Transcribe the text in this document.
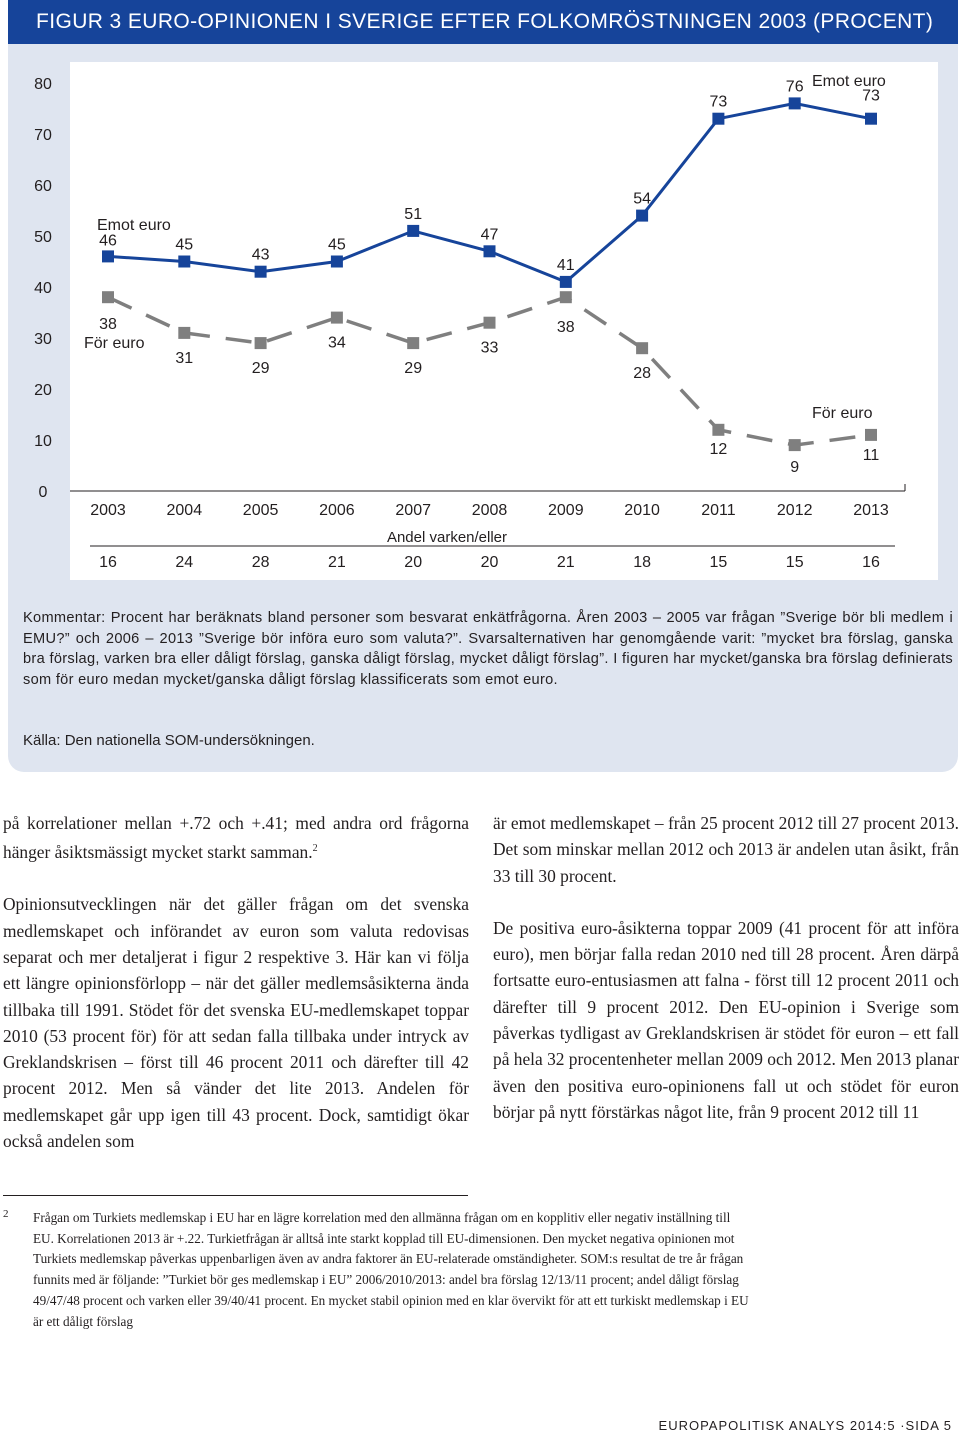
FIGUR 3 EURO-OPINIONEN I SVERIGE EFTER FOLKOMRÖSTNINGEN 2003 (PROCENT)
0
10
20
30
40
50
60
70
80
2003	2004	2005	2006	2007	2008	2009	2010	2011	2012	2013
46	45
43
45
51
47
41
54
73
76
73
38
31
29
34
29
33
38
28
12
9
11
Emot euro
För euro
Emot euro
För euro
Andel varken/eller
16	24	28	21	20	20	21	18	15	15	16
Kommentar: Procent har beräknats bland personer som besvarat enkätfrågorna. Åren 2003 – 2005 var frågan ”Sverige bör bli medlem i EMU?” och 2006 – 2013 ”Sverige bör införa euro som valuta?”. Svarsalternativen har genomgående varit: ”mycket bra förslag, ganska bra förslag, varken bra eller dåligt förslag, ganska dåligt förslag, mycket dåligt förslag”. I figuren har mycket/ganska bra förslag definierats som för euro medan mycket/ganska dåligt förslag klassificerats som emot euro.
Källa: Den nationella SOM-undersökningen.

på korrelationer mellan +.72 och +.41; med andra ord frågorna hänger åsiktsmässigt mycket starkt samman.$^2$

Opinionsutvecklingen när det gäller frågan om det svenska medlemskapet och införandet av euron som valuta redovisas separat och mer detaljerat i figur 2 respektive 3. Här kan vi följa ett längre opinionsförlopp – när det gäller medlemsåsikterna ända tillbaka till 1991. Stödet för det svenska EU-medlemskapet toppar 2010 (53 procent för) för att sedan falla tillbaka under intryck av Greklandskrisen – först till 46 procent 2011 och därefter till 42 procent 2012. Men så vänder det lite 2013. Andelen för medlemskapet går upp igen till 43 procent. Dock, samtidigt ökar också andelen som

är emot medlemskapet – från 25 procent 2012 till 27 procent 2013. Det som minskar mellan 2012 och 2013 är andelen utan åsikt, från 33 till 30 procent.

De positiva euro-åsikterna toppar 2009 (41 procent för att införa euro), men börjar falla redan 2010 ned till 28 procent. Åren därpå fortsatte euro-entusiasmen att falna - först till 12 procent 2011 och därefter till 9 procent 2012. Den EU-opinion i Sverige som påverkas tydligast av Greklandskrisen är stödet för euron – ett fall på hela 32 procentenheter mellan 2009 och 2012. Men 2013 planar även den positiva euro-opinionens fall ut och stödet för euron börjar på nytt förstärkas något lite, från 9 procent 2012 till 11

2 Frågan om Turkiets medlemskap i EU har en lägre korrelation med den allmänna frågan om en kopplitiv eller negativ inställning till EU. Korrelationen 2013 är +.22. Turkietfrågan är alltså inte starkt kopplad till EU-dimensionen. Den mycket negativa opinionen mot Turkiets medlemskap påverkas uppenbarligen även av andra faktorer än EU-relaterade omständigheter. SOM:s resultat de tre år frågan funnits med är följande: ”Turkiet bör ges medlemskap i EU” 2006/2010/2013: andel bra förslag 12/13/11 procent; andel dåligt förslag 49/47/48 procent och varken eller 39/40/41 procent. En mycket stabil opinion med en klar övervikt för att ett turkiskt medlemskap i EU är ett dåligt förslag
EUROPAPOLITISK ANALYS 2014:5 ·SIDA 5
